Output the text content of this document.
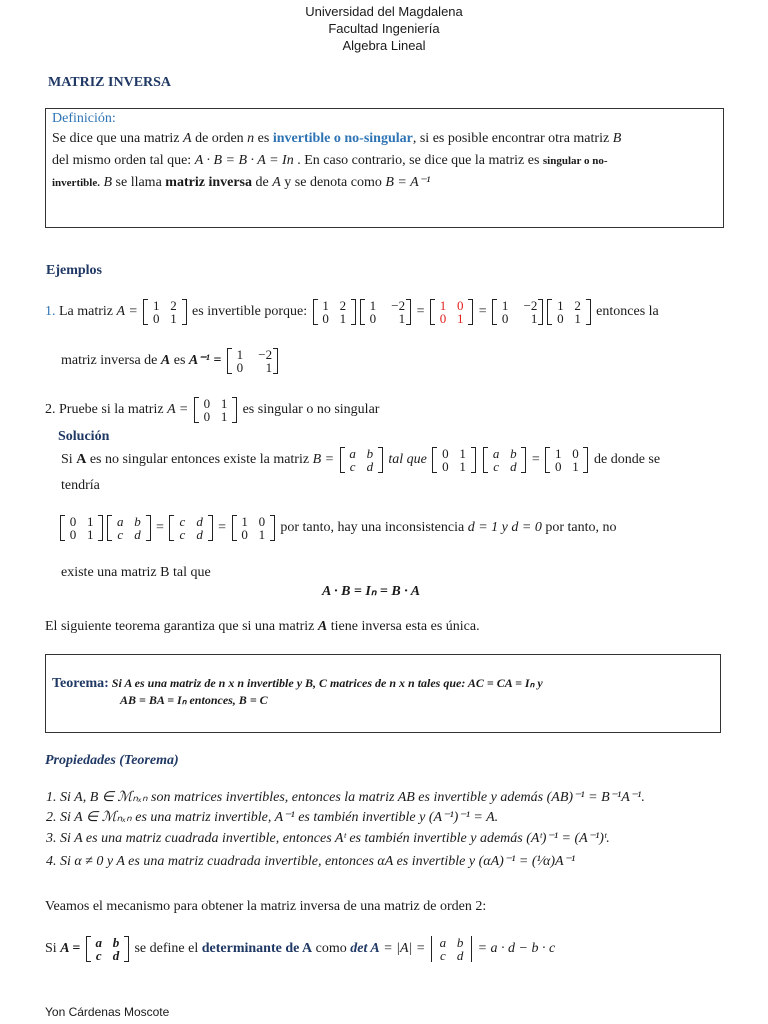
Universidad del Magdalena
Facultad Ingeniería
Algebra Lineal
MATRIZ INVERSA
Definición:
Se dice que una matriz A de orden n es invertible o no-singular, si es posible encontrar otra matriz B
del mismo orden tal que: A · B = B · A = In . En caso contrario, se dice que la matriz es singular o no-
invertible. B se llama matriz inversa de A y se denota como B = A⁻¹
Ejemplos
1. La matriz A = 1 2
0 1 es invertible porque: 1 2
0 1
1 −2
0 1 = 1 0
0 1 = 1 −2
0 1
1 2
0 1 entonces la
matriz inversa de A es A⁻¹ = 1 −2
0 1
2. Pruebe si la matriz A = 0 1
0 1 es singular o no singular
Solución
Si A es no singular entonces existe la matriz B = a b
c d tal que 0 1
0 1

a b
c d = 1 0
0 1 de donde se
tendría
0 1
0 1
a b
c d =	c d
c d = 1 0
0 1 por tanto, hay una inconsistencia d = 1 y d = 0 por tanto, no
existe una matriz B tal que
A · B = Iₙ = B · A
El siguiente teorema garantiza que si una matriz A tiene inversa esta es única.
Teorema: Si A es una matriz de n x n invertible y B, C matrices de n x n tales que: AC = CA = Iₙ y
AB = BA = Iₙ entonces, B = C
Propiedades (Teorema)
1. Si A, B ∈ ℳₙₓₙ son matrices invertibles, entonces la matriz AB es invertible y además (AB)⁻¹ = B⁻¹A⁻¹.
2. Si A ∈ ℳₙₓₙ es una matriz invertible, A⁻¹ es también invertible y (A⁻¹)⁻¹ = A.
3. Si A es una matriz cuadrada invertible, entonces Aᵗ es también invertible y además (Aᵗ)⁻¹ = (A⁻¹)ᵗ.
4. Si α ≠ 0 y A es una matriz cuadrada invertible, entonces αA es invertible y (αA)⁻¹ = (¹⁄α)A⁻¹
Veamos el mecanismo para obtener la matriz inversa de una matriz de orden 2:
Si A = a b
c d se define el determinante de A como det A = |A| = a b
c d = a · d − b · c
Yon Cárdenas Moscote
